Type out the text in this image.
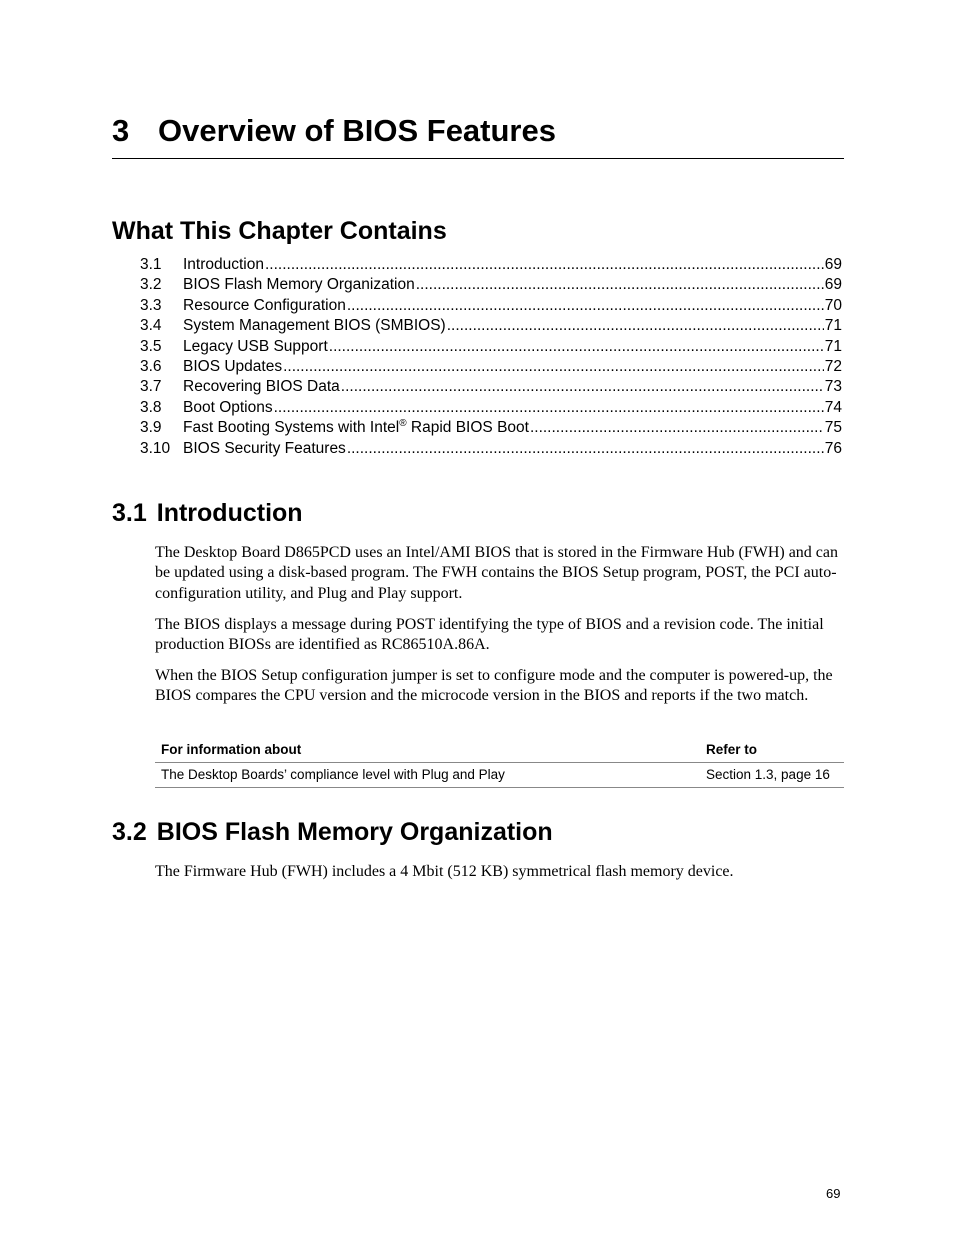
3 Overview of BIOS Features
What This Chapter Contains
3.1	Introduction .....	69
3.2	BIOS Flash Memory Organization .....	69
3.3	Resource Configuration .....	70
3.4	System Management BIOS (SMBIOS) .....	71
3.5	Legacy USB Support .....	71
3.6	BIOS Updates .....	72
3.7	Recovering BIOS Data .....	73
3.8	Boot Options .....	74
3.9	Fast Booting Systems with Intel® Rapid BIOS Boot .....	75
3.10 BIOS Security Features .....	76
3.1 Introduction

The Desktop Board D865PCD uses an Intel/AMI BIOS that is stored in the Firmware Hub (FWH) and can be updated using a disk-based program. The FWH contains the BIOS Setup program, POST, the PCI auto-configuration utility, and Plug and Play support.

The BIOS displays a message during POST identifying the type of BIOS and a revision code. The initial production BIOSs are identified as RC86510A.86A.

When the BIOS Setup configuration jumper is set to configure mode and the computer is powered-up, the BIOS compares the CPU version and the microcode version in the BIOS and reports if the two match.

For information about	Refer to
The Desktop Boards’ compliance level with Plug and Play	Section 1.3, page 16
3.2 BIOS Flash Memory Organization

The Firmware Hub (FWH) includes a 4 Mbit (512 KB) symmetrical flash memory device.

69
